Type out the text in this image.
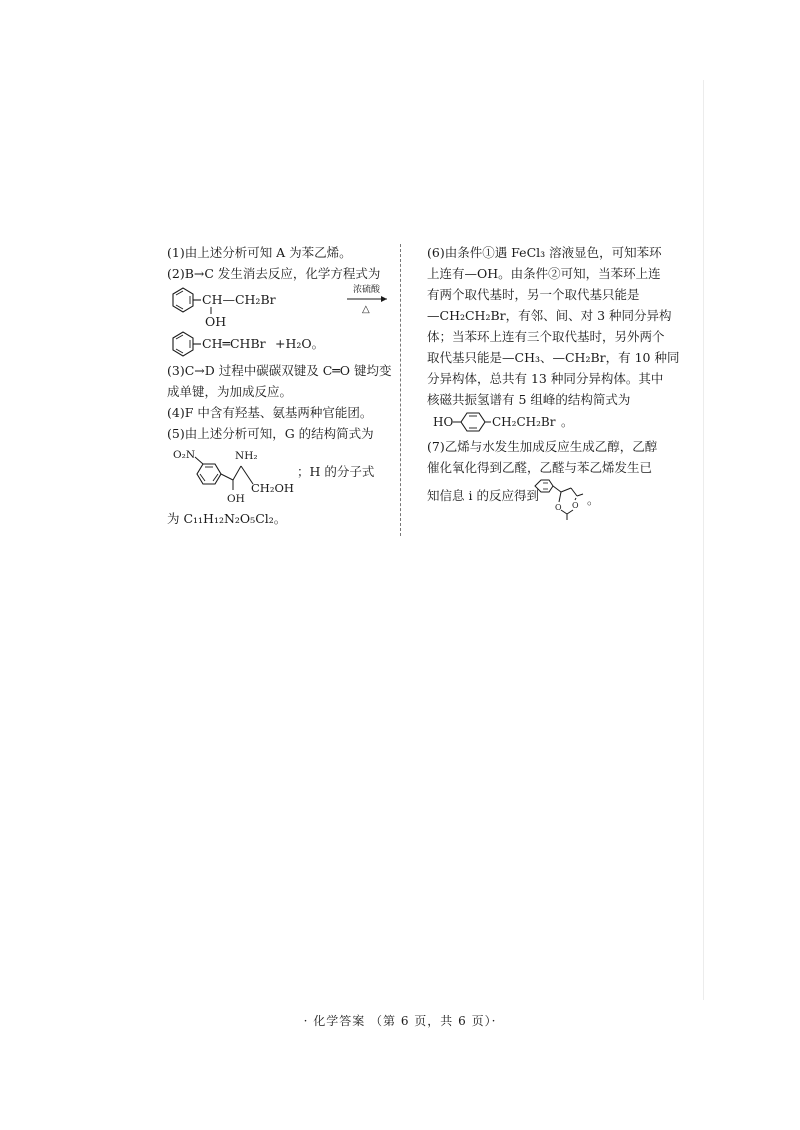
(1)由上述分析可知 A 为苯乙烯。
(2)B→C 发生消去反应，化学方程式为
CH—CH₂Br
OH
浓硫酸
△
CH═CHBr +H₂O。
(3)C→D 过程中碳碳双键及 C═O 键均变
成单键，为加成反应。
(4)F 中含有羟基、氨基两种官能团。
(5)由上述分析可知，G 的结构简式为
O₂N	NH₂
OH
CH₂OH
；H 的分子式
为 C₁₁H₁₂N₂O₅Cl₂。
(6)由条件①遇 FeCl₃ 溶液显色，可知苯环
上连有—OH。由条件②可知，当苯环上连
有两个取代基时，另一个取代基只能是
—CH₂CH₂Br，有邻、间、对 3 种同分异构
体；当苯环上连有三个取代基时，另外两个
取代基只能是—CH₃、—CH₂Br，有 10 种同
分异构体，总共有 13 种同分异构体。其中
核磁共振氢谱有 5 组峰的结构简式为
HO	CH₂CH₂Br 。
(7)乙烯与水发生加成反应生成乙醇，乙醇
催化氧化得到乙醛，乙醛与苯乙烯发生已
知信息 i 的反应得到
O O 。
· 化学答案 （第 6 页，共 6 页）·
